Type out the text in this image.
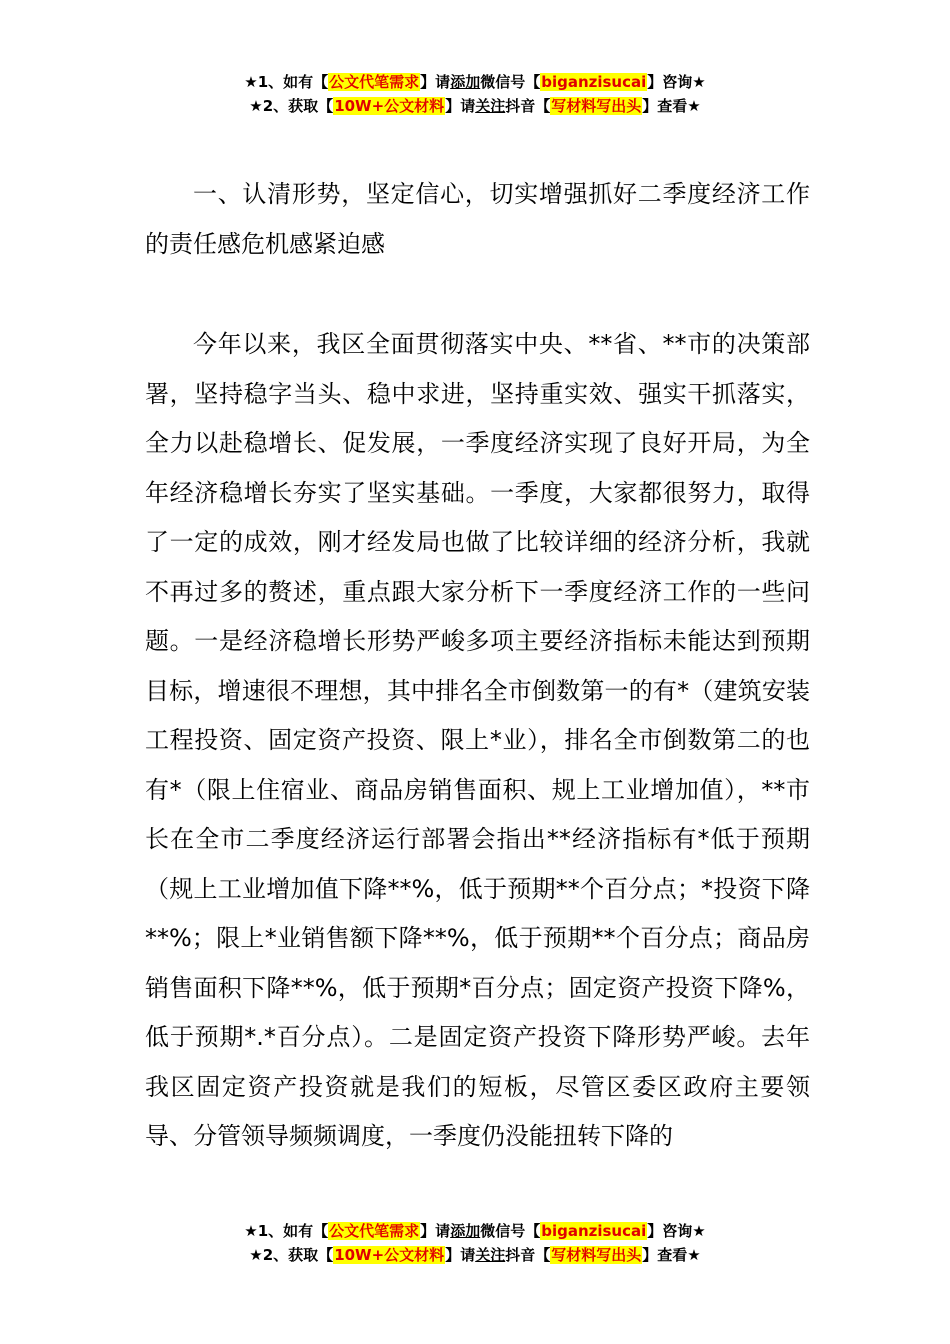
★1、如有【公文代笔需求】请添加微信号【biganzisucai】咨询★
★2、获取【10W+公文材料】请关注抖音【写材料写出头】查看★

一、认清形势，坚定信心，切实增强抓好二季度经济工作的责任感危机感紧迫感

今年以来，我区全面贯彻落实中央、**省、**市的决策部署，坚持稳字当头、稳中求进，坚持重实效、强实干抓落实，全力以赴稳增长、促发展，一季度经济实现了良好开局，为全年经济稳增长夯实了坚实基础。一季度，大家都很努力，取得了一定的成效，刚才经发局也做了比较详细的经济分析，我就不再过多的赘述，重点跟大家分析下一季度经济工作的一些问题。一是经济稳增长形势严峻多项主要经济指标未能达到预期目标，增速很不理想，其中排名全市倒数第一的有*（建筑安装工程投资、固定资产投资、限上*业），排名全市倒数第二的也有*（限上住宿业、商品房销售面积、规上工业增加值），**市长在全市二季度经济运行部署会指出**经济指标有*低于预期（规上工业增加值下降**%，低于预期**个百分点；*投资下降**%；限上*业销售额下降**%，低于预期**个百分点；商品房销售面积下降**%，低于预期*百分点；固定资产投资下降%，低于预期*.*百分点）。二是固定资产投资下降形势严峻。去年我区固定资产投资就是我们的短板，尽管区委区政府主要领导、分管领导频频调度，一季度仍没能扭转下降的

★1、如有【公文代笔需求】请添加微信号【biganzisucai】咨询★
★2、获取【10W+公文材料】请关注抖音【写材料写出头】查看★
